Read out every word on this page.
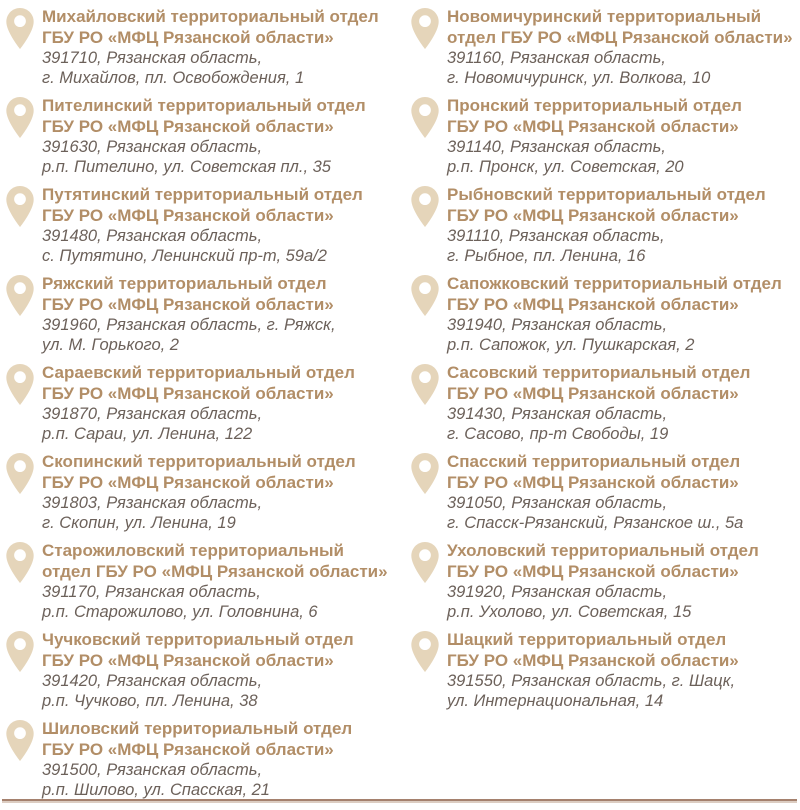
Михайловский территориальный отдел
ГБУ РО «МФЦ Рязанской области»
391710, Рязанская область,
г. Михайлов, пл. Освобождения, 1
Пителинский территориальный отдел
ГБУ РО «МФЦ Рязанской области»
391630, Рязанская область,
р.п. Пителино, ул. Советская пл., 35
Путятинский территориальный отдел
ГБУ РО «МФЦ Рязанской области»
391480, Рязанская область,
с. Путятино, Ленинский пр-т, 59а/2
Ряжский территориальный отдел
ГБУ РО «МФЦ Рязанской области»
391960, Рязанская область, г. Ряжск,
ул. М. Горького, 2
Сараевский территориальный отдел
ГБУ РО «МФЦ Рязанской области»
391870, Рязанская область,
р.п. Сараи, ул. Ленина, 122
Скопинский территориальный отдел
ГБУ РО «МФЦ Рязанской области»
391803, Рязанская область,
г. Скопин, ул. Ленина, 19
Старожиловский территориальный
отдел ГБУ РО «МФЦ Рязанской области»
391170, Рязанская область,
р.п. Старожилово, ул. Головнина, 6
Чучковский территориальный отдел
ГБУ РО «МФЦ Рязанской области»
391420, Рязанская область,
р.п. Чучково, пл. Ленина, 38
Шиловский территориальный отдел
ГБУ РО «МФЦ Рязанской области»
391500, Рязанская область,
р.п. Шилово, ул. Спасская, 21
Новомичуринский территориальный
отдел ГБУ РО «МФЦ Рязанской области»
391160, Рязанская область,
г. Новомичуринск, ул. Волкова, 10
Пронский территориальный отдел
ГБУ РО «МФЦ Рязанской области»
391140, Рязанская область,
р.п. Пронск, ул. Советская, 20
Рыбновский территориальный отдел
ГБУ РО «МФЦ Рязанской области»
391110, Рязанская область,
г. Рыбное, пл. Ленина, 16
Сапожковский территориальный отдел
ГБУ РО «МФЦ Рязанской области»
391940, Рязанская область,
р.п. Сапожок, ул. Пушкарская, 2
Сасовский территориальный отдел
ГБУ РО «МФЦ Рязанской области»
391430, Рязанская область,
г. Сасово, пр-т Свободы, 19
Спасский территориальный отдел
ГБУ РО «МФЦ Рязанской области»
391050, Рязанская область,
г. Спасск-Рязанский, Рязанское ш., 5а
Ухоловский территориальный отдел
ГБУ РО «МФЦ Рязанской области»
391920, Рязанская область,
р.п. Ухолово, ул. Советская, 15
Шацкий территориальный отдел
ГБУ РО «МФЦ Рязанской области»
391550, Рязанская область, г. Шацк,
ул. Интернациональная, 14
